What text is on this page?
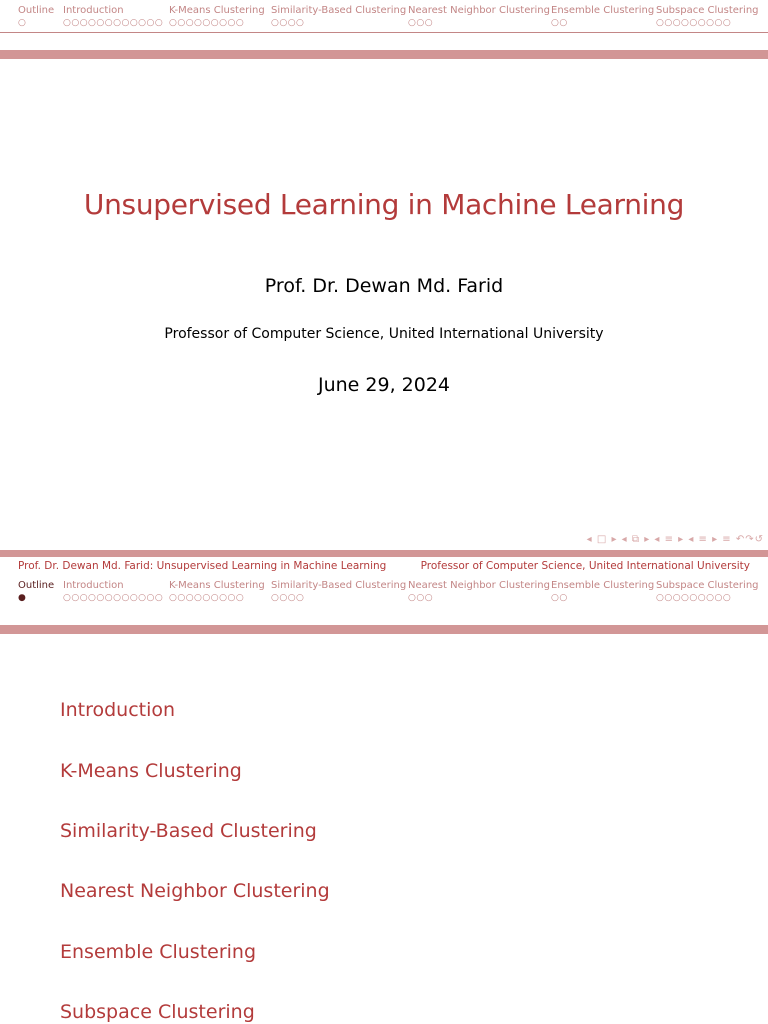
Outline
○
Introduction
○○○○○○○○○○○○
K-Means Clustering
○○○○○○○○○
Similarity-Based Clustering
○○○○
Nearest Neighbor Clustering
○○○
Ensemble Clustering
○○
Subspace Clustering
○○○○○○○○○
Unsupervised Learning in Machine Learning
Prof. Dr. Dewan Md. Farid
Professor of Computer Science, United International University
June 29, 2024
◂ □ ▸ ◂ ⧉ ▸ ◂ ≡ ▸ ◂ ≡ ▸ ≡ ↶↷↺
Prof. Dr. Dewan Md. Farid: Unsupervised Learning in Machine Learning	Professor of Computer Science, United International University
Outline
●
Introduction
○○○○○○○○○○○○
K-Means Clustering
○○○○○○○○○
Similarity-Based Clustering
○○○○
Nearest Neighbor Clustering
○○○
Ensemble Clustering
○○
Subspace Clustering
○○○○○○○○○
Introduction
K-Means Clustering
Similarity-Based Clustering
Nearest Neighbor Clustering
Ensemble Clustering
Subspace Clustering
